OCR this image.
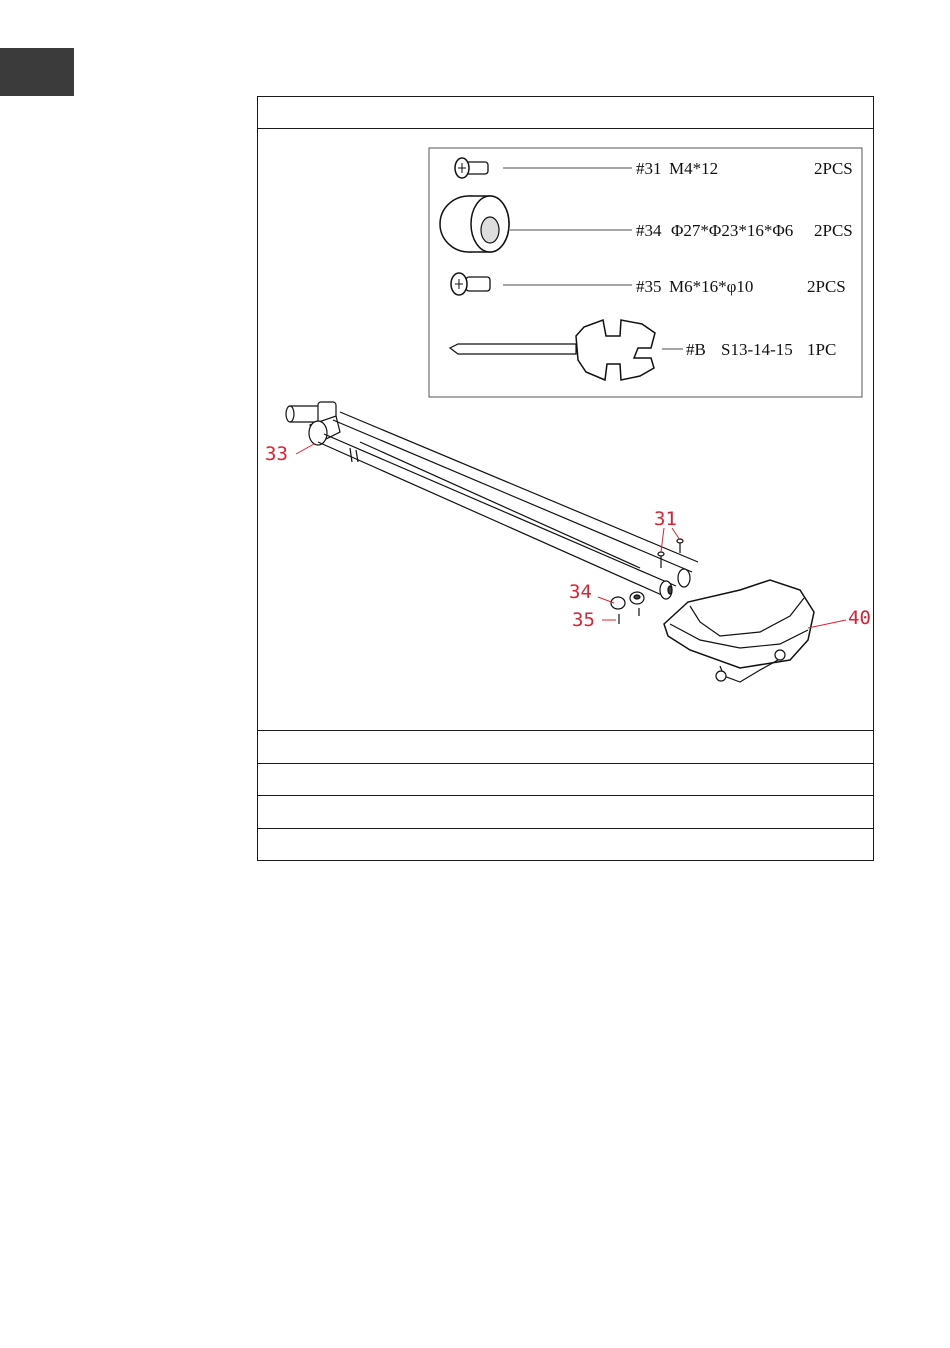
#31 M4*12	2PCS
#34 Φ27*Φ23*16*Φ6 2PCS
#35 M6*16*φ10	2PCS
#B S13-14-15 1PC
33
31
34
35	40
